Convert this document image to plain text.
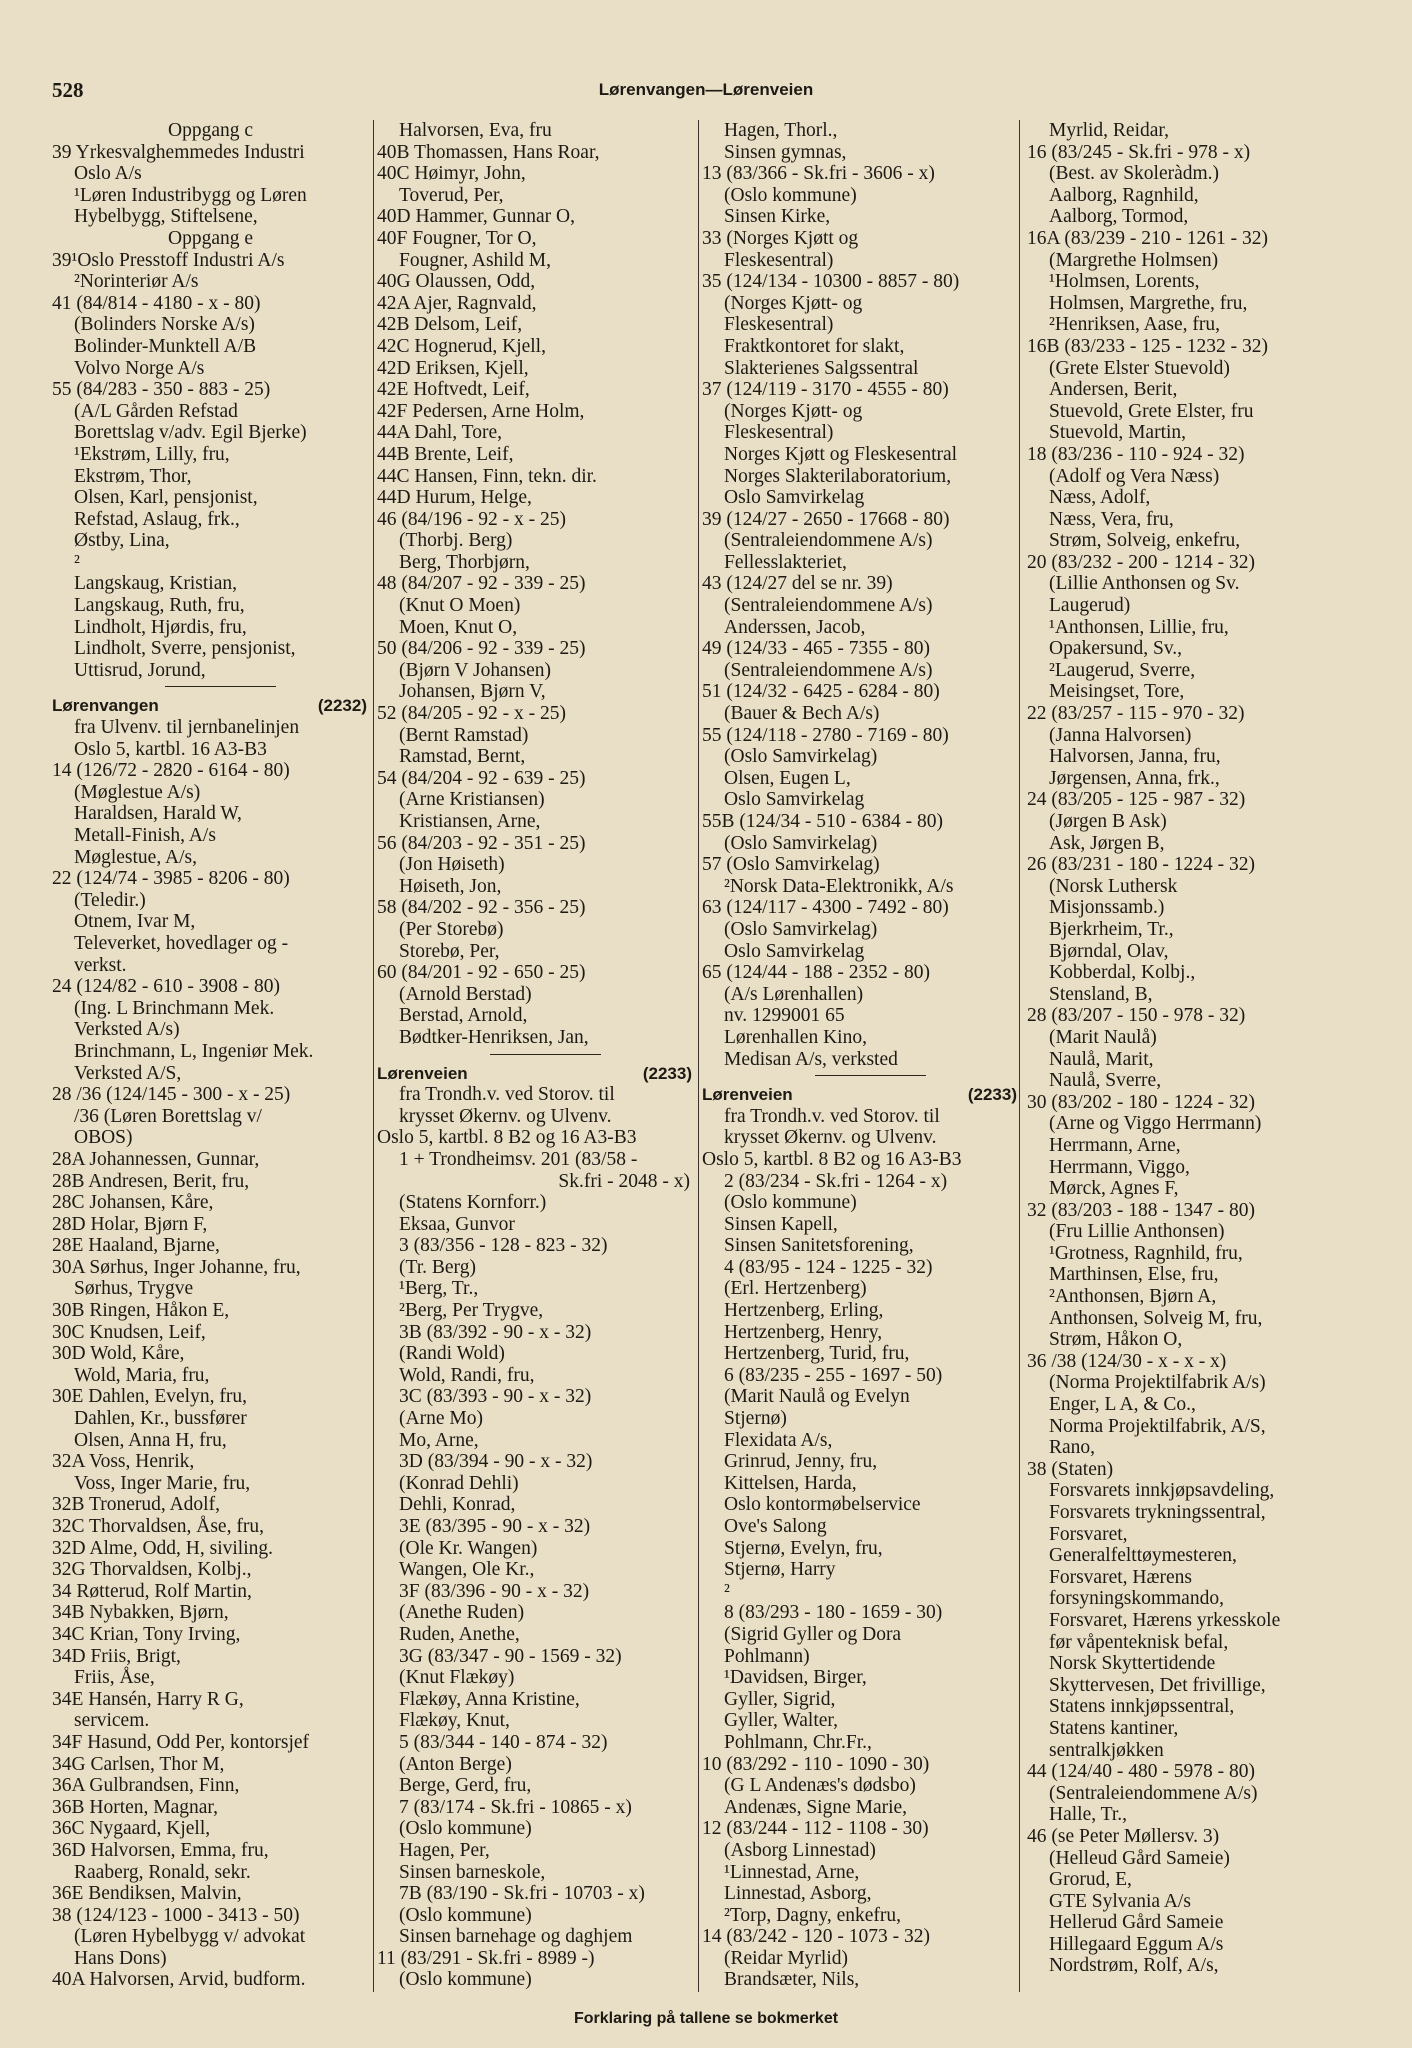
528	Lørenvangen—Lørenveien
Oppgang c
39 Yrkesvalghemmedes Industri
Oslo A/s
¹Løren Industribygg og Løren
Hybelbygg, Stiftelsene,
Oppgang e
39¹Oslo Presstoff Industri A/s
²Norinteriør A/s
41 (84/814 - 4180 - x - 80)
(Bolinders Norske A/s)
Bolinder-Munktell A/B
Volvo Norge A/s
55 (84/283 - 350 - 883 - 25)
(A/L Gården Refstad
Borettslag v/adv. Egil Bjerke)
¹Ekstrøm, Lilly, fru,
Ekstrøm, Thor,
Olsen, Karl, pensjonist,
Refstad, Aslaug, frk.,
Østby, Lina,
²
Langskaug, Kristian,
Langskaug, Ruth, fru,
Lindholt, Hjørdis, fru,
Lindholt, Sverre, pensjonist,
Uttisrud, Jorund,
Lørenvangen	(2232)
fra Ulvenv. til jernbanelinjen
Oslo 5, kartbl. 16 A3-B3
14 (126/72 - 2820 - 6164 - 80)
(Møglestue A/s)
Haraldsen, Harald W,
Metall-Finish, A/s
Møglestue, A/s,
22 (124/74 - 3985 - 8206 - 80)
(Teledir.)
Otnem, Ivar M,
Televerket, hovedlager og -
verkst.
24 (124/82 - 610 - 3908 - 80)
(Ing. L Brinchmann Mek.
Verksted A/s)
Brinchmann, L, Ingeniør Mek.
Verksted A/S,
28 /36 (124/145 - 300 - x - 25)
/36 (Løren Borettslag v/
OBOS)
28A Johannessen, Gunnar,
28B Andresen, Berit, fru,
28C Johansen, Kåre,
28D Holar, Bjørn F,
28E Haaland, Bjarne,
30A Sørhus, Inger Johanne, fru,
Sørhus, Trygve
30B Ringen, Håkon E,
30C Knudsen, Leif,
30D Wold, Kåre,
Wold, Maria, fru,
30E Dahlen, Evelyn, fru,
Dahlen, Kr., bussfører
Olsen, Anna H, fru,
32A Voss, Henrik,
Voss, Inger Marie, fru,
32B Tronerud, Adolf,
32C Thorvaldsen, Åse, fru,
32D Alme, Odd, H, siviling.
32G Thorvaldsen, Kolbj.,
34 Røtterud, Rolf Martin,
34B Nybakken, Bjørn,
34C Krian, Tony Irving,
34D Friis, Brigt,
Friis, Åse,
34E Hansén, Harry R G,
servicem.
34F Hasund, Odd Per, kontorsjef
34G Carlsen, Thor M,
36A Gulbrandsen, Finn,
36B Horten, Magnar,
36C Nygaard, Kjell,
36D Halvorsen, Emma, fru,
Raaberg, Ronald, sekr.
36E Bendiksen, Malvin,
38 (124/123 - 1000 - 3413 - 50)
(Løren Hybelbygg v/ advokat
Hans Dons)
40A Halvorsen, Arvid, budform.
Halvorsen, Eva, fru
40B Thomassen, Hans Roar,
40C Høimyr, John,
Toverud, Per,
40D Hammer, Gunnar O,
40F Fougner, Tor O,
Fougner, Ashild M,
40G Olaussen, Odd,
42A Ajer, Ragnvald,
42B Delsom, Leif,
42C Hognerud, Kjell,
42D Eriksen, Kjell,
42E Hoftvedt, Leif,
42F Pedersen, Arne Holm,
44A Dahl, Tore,
44B Brente, Leif,
44C Hansen, Finn, tekn. dir.
44D Hurum, Helge,
46 (84/196 - 92 - x - 25)
(Thorbj. Berg)
Berg, Thorbjørn,
48 (84/207 - 92 - 339 - 25)
(Knut O Moen)
Moen, Knut O,
50 (84/206 - 92 - 339 - 25)
(Bjørn V Johansen)
Johansen, Bjørn V,
52 (84/205 - 92 - x - 25)
(Bernt Ramstad)
Ramstad, Bernt,
54 (84/204 - 92 - 639 - 25)
(Arne Kristiansen)
Kristiansen, Arne,
56 (84/203 - 92 - 351 - 25)
(Jon Høiseth)
Høiseth, Jon,
58 (84/202 - 92 - 356 - 25)
(Per Storebø)
Storebø, Per,
60 (84/201 - 92 - 650 - 25)
(Arnold Berstad)
Berstad, Arnold,
Bødtker-Henriksen, Jan,
Lørenveien	(2233)
fra Trondh.v. ved Storov. til
krysset Økernv. og Ulvenv.
Oslo 5, kartbl. 8 B2 og 16 A3-B3
1 + Trondheimsv. 201 (83/58 -
Sk.fri - 2048 - x)
(Statens Kornforr.)
Eksaa, Gunvor
3 (83/356 - 128 - 823 - 32)
(Tr. Berg)
¹Berg, Tr.,
²Berg, Per Trygve,
3B (83/392 - 90 - x - 32)
(Randi Wold)
Wold, Randi, fru,
3C (83/393 - 90 - x - 32)
(Arne Mo)
Mo, Arne,
3D (83/394 - 90 - x - 32)
(Konrad Dehli)
Dehli, Konrad,
3E (83/395 - 90 - x - 32)
(Ole Kr. Wangen)
Wangen, Ole Kr.,
3F (83/396 - 90 - x - 32)
(Anethe Ruden)
Ruden, Anethe,
3G (83/347 - 90 - 1569 - 32)
(Knut Flækøy)
Flækøy, Anna Kristine,
Flækøy, Knut,
5 (83/344 - 140 - 874 - 32)
(Anton Berge)
Berge, Gerd, fru,
7 (83/174 - Sk.fri - 10865 - x)
(Oslo kommune)
Hagen, Per,
Sinsen barneskole,
7B (83/190 - Sk.fri - 10703 - x)
(Oslo kommune)
Sinsen barnehage og daghjem
11 (83/291 - Sk.fri - 8989 -)
(Oslo kommune)
Hagen, Thorl.,
Sinsen gymnas,
13 (83/366 - Sk.fri - 3606 - x)
(Oslo kommune)
Sinsen Kirke,
33 (Norges Kjøtt og
Fleskesentral)
35 (124/134 - 10300 - 8857 - 80)
(Norges Kjøtt- og
Fleskesentral)
Fraktkontoret for slakt,
Slakterienes Salgssentral
37 (124/119 - 3170 - 4555 - 80)
(Norges Kjøtt- og
Fleskesentral)
Norges Kjøtt og Fleskesentral
Norges Slakterilaboratorium,
Oslo Samvirkelag
39 (124/27 - 2650 - 17668 - 80)
(Sentraleiendommene A/s)
Fellesslakteriet,
43 (124/27 del se nr. 39)
(Sentraleiendommene A/s)
Anderssen, Jacob,
49 (124/33 - 465 - 7355 - 80)
(Sentraleiendommene A/s)
51 (124/32 - 6425 - 6284 - 80)
(Bauer & Bech A/s)
55 (124/118 - 2780 - 7169 - 80)
(Oslo Samvirkelag)
Olsen, Eugen L,
Oslo Samvirkelag
55B (124/34 - 510 - 6384 - 80)
(Oslo Samvirkelag)
57 (Oslo Samvirkelag)
²Norsk Data-Elektronikk, A/s
63 (124/117 - 4300 - 7492 - 80)
(Oslo Samvirkelag)
Oslo Samvirkelag
65 (124/44 - 188 - 2352 - 80)
(A/s Lørenhallen)
nv. 1299001 65
Lørenhallen Kino,
Medisan A/s, verksted
Lørenveien	(2233)
fra Trondh.v. ved Storov. til
krysset Økernv. og Ulvenv.
Oslo 5, kartbl. 8 B2 og 16 A3-B3
2 (83/234 - Sk.fri - 1264 - x)
(Oslo kommune)
Sinsen Kapell,
Sinsen Sanitetsforening,
4 (83/95 - 124 - 1225 - 32)
(Erl. Hertzenberg)
Hertzenberg, Erling,
Hertzenberg, Henry,
Hertzenberg, Turid, fru,
6 (83/235 - 255 - 1697 - 50)
(Marit Naulå og Evelyn
Stjernø)
Flexidata A/s,
Grinrud, Jenny, fru,
Kittelsen, Harda,
Oslo kontormøbelservice
Ove's Salong
Stjernø, Evelyn, fru,
Stjernø, Harry
²
8 (83/293 - 180 - 1659 - 30)
(Sigrid Gyller og Dora
Pohlmann)
¹Davidsen, Birger,
Gyller, Sigrid,
Gyller, Walter,
Pohlmann, Chr.Fr.,
10 (83/292 - 110 - 1090 - 30)
(G L Andenæs's dødsbo)
Andenæs, Signe Marie,
12 (83/244 - 112 - 1108 - 30)
(Asborg Linnestad)
¹Linnestad, Arne,
Linnestad, Asborg,
²Torp, Dagny, enkefru,
14 (83/242 - 120 - 1073 - 32)
(Reidar Myrlid)
Brandsæter, Nils,
Myrlid, Reidar,
16 (83/245 - Sk.fri - 978 - x)
(Best. av Skoleràdm.)
Aalborg, Ragnhild,
Aalborg, Tormod,
16A (83/239 - 210 - 1261 - 32)
(Margrethe Holmsen)
¹Holmsen, Lorents,
Holmsen, Margrethe, fru,
²Henriksen, Aase, fru,
16B (83/233 - 125 - 1232 - 32)
(Grete Elster Stuevold)
Andersen, Berit,
Stuevold, Grete Elster, fru
Stuevold, Martin,
18 (83/236 - 110 - 924 - 32)
(Adolf og Vera Næss)
Næss, Adolf,
Næss, Vera, fru,
Strøm, Solveig, enkefru,
20 (83/232 - 200 - 1214 - 32)
(Lillie Anthonsen og Sv.
Laugerud)
¹Anthonsen, Lillie, fru,
Opakersund, Sv.,
²Laugerud, Sverre,
Meisingset, Tore,
22 (83/257 - 115 - 970 - 32)
(Janna Halvorsen)
Halvorsen, Janna, fru,
Jørgensen, Anna, frk.,
24 (83/205 - 125 - 987 - 32)
(Jørgen B Ask)
Ask, Jørgen B,
26 (83/231 - 180 - 1224 - 32)
(Norsk Luthersk
Misjonssamb.)
Bjerkrheim, Tr.,
Bjørndal, Olav,
Kobberdal, Kolbj.,
Stensland, B,
28 (83/207 - 150 - 978 - 32)
(Marit Naulå)
Naulå, Marit,
Naulå, Sverre,
30 (83/202 - 180 - 1224 - 32)
(Arne og Viggo Herrmann)
Herrmann, Arne,
Herrmann, Viggo,
Mørck, Agnes F,
32 (83/203 - 188 - 1347 - 80)
(Fru Lillie Anthonsen)
¹Grotness, Ragnhild, fru,
Marthinsen, Else, fru,
²Anthonsen, Bjørn A,
Anthonsen, Solveig M, fru,
Strøm, Håkon O,
36 /38 (124/30 - x - x - x)
(Norma Projektilfabrik A/s)
Enger, L A, & Co.,
Norma Projektilfabrik, A/S,
Rano,
38 (Staten)
Forsvarets innkjøpsavdeling,
Forsvarets trykningssentral,
Forsvaret,
Generalfelttøymesteren,
Forsvaret, Hærens
forsyningskommando,
Forsvaret, Hærens yrkesskole
før våpenteknisk befal,
Norsk Skyttertidende
Skyttervesen, Det frivillige,
Statens innkjøpssentral,
Statens kantiner,
sentralkjøkken
44 (124/40 - 480 - 5978 - 80)
(Sentraleiendommene A/s)
Halle, Tr.,
46 (se Peter Møllersv. 3)
(Helleud Gård Sameie)
Grorud, E,
GTE Sylvania A/s
Hellerud Gård Sameie
Hillegaard Eggum A/s
Nordstrøm, Rolf, A/s,
Forklaring på tallene se bokmerket
